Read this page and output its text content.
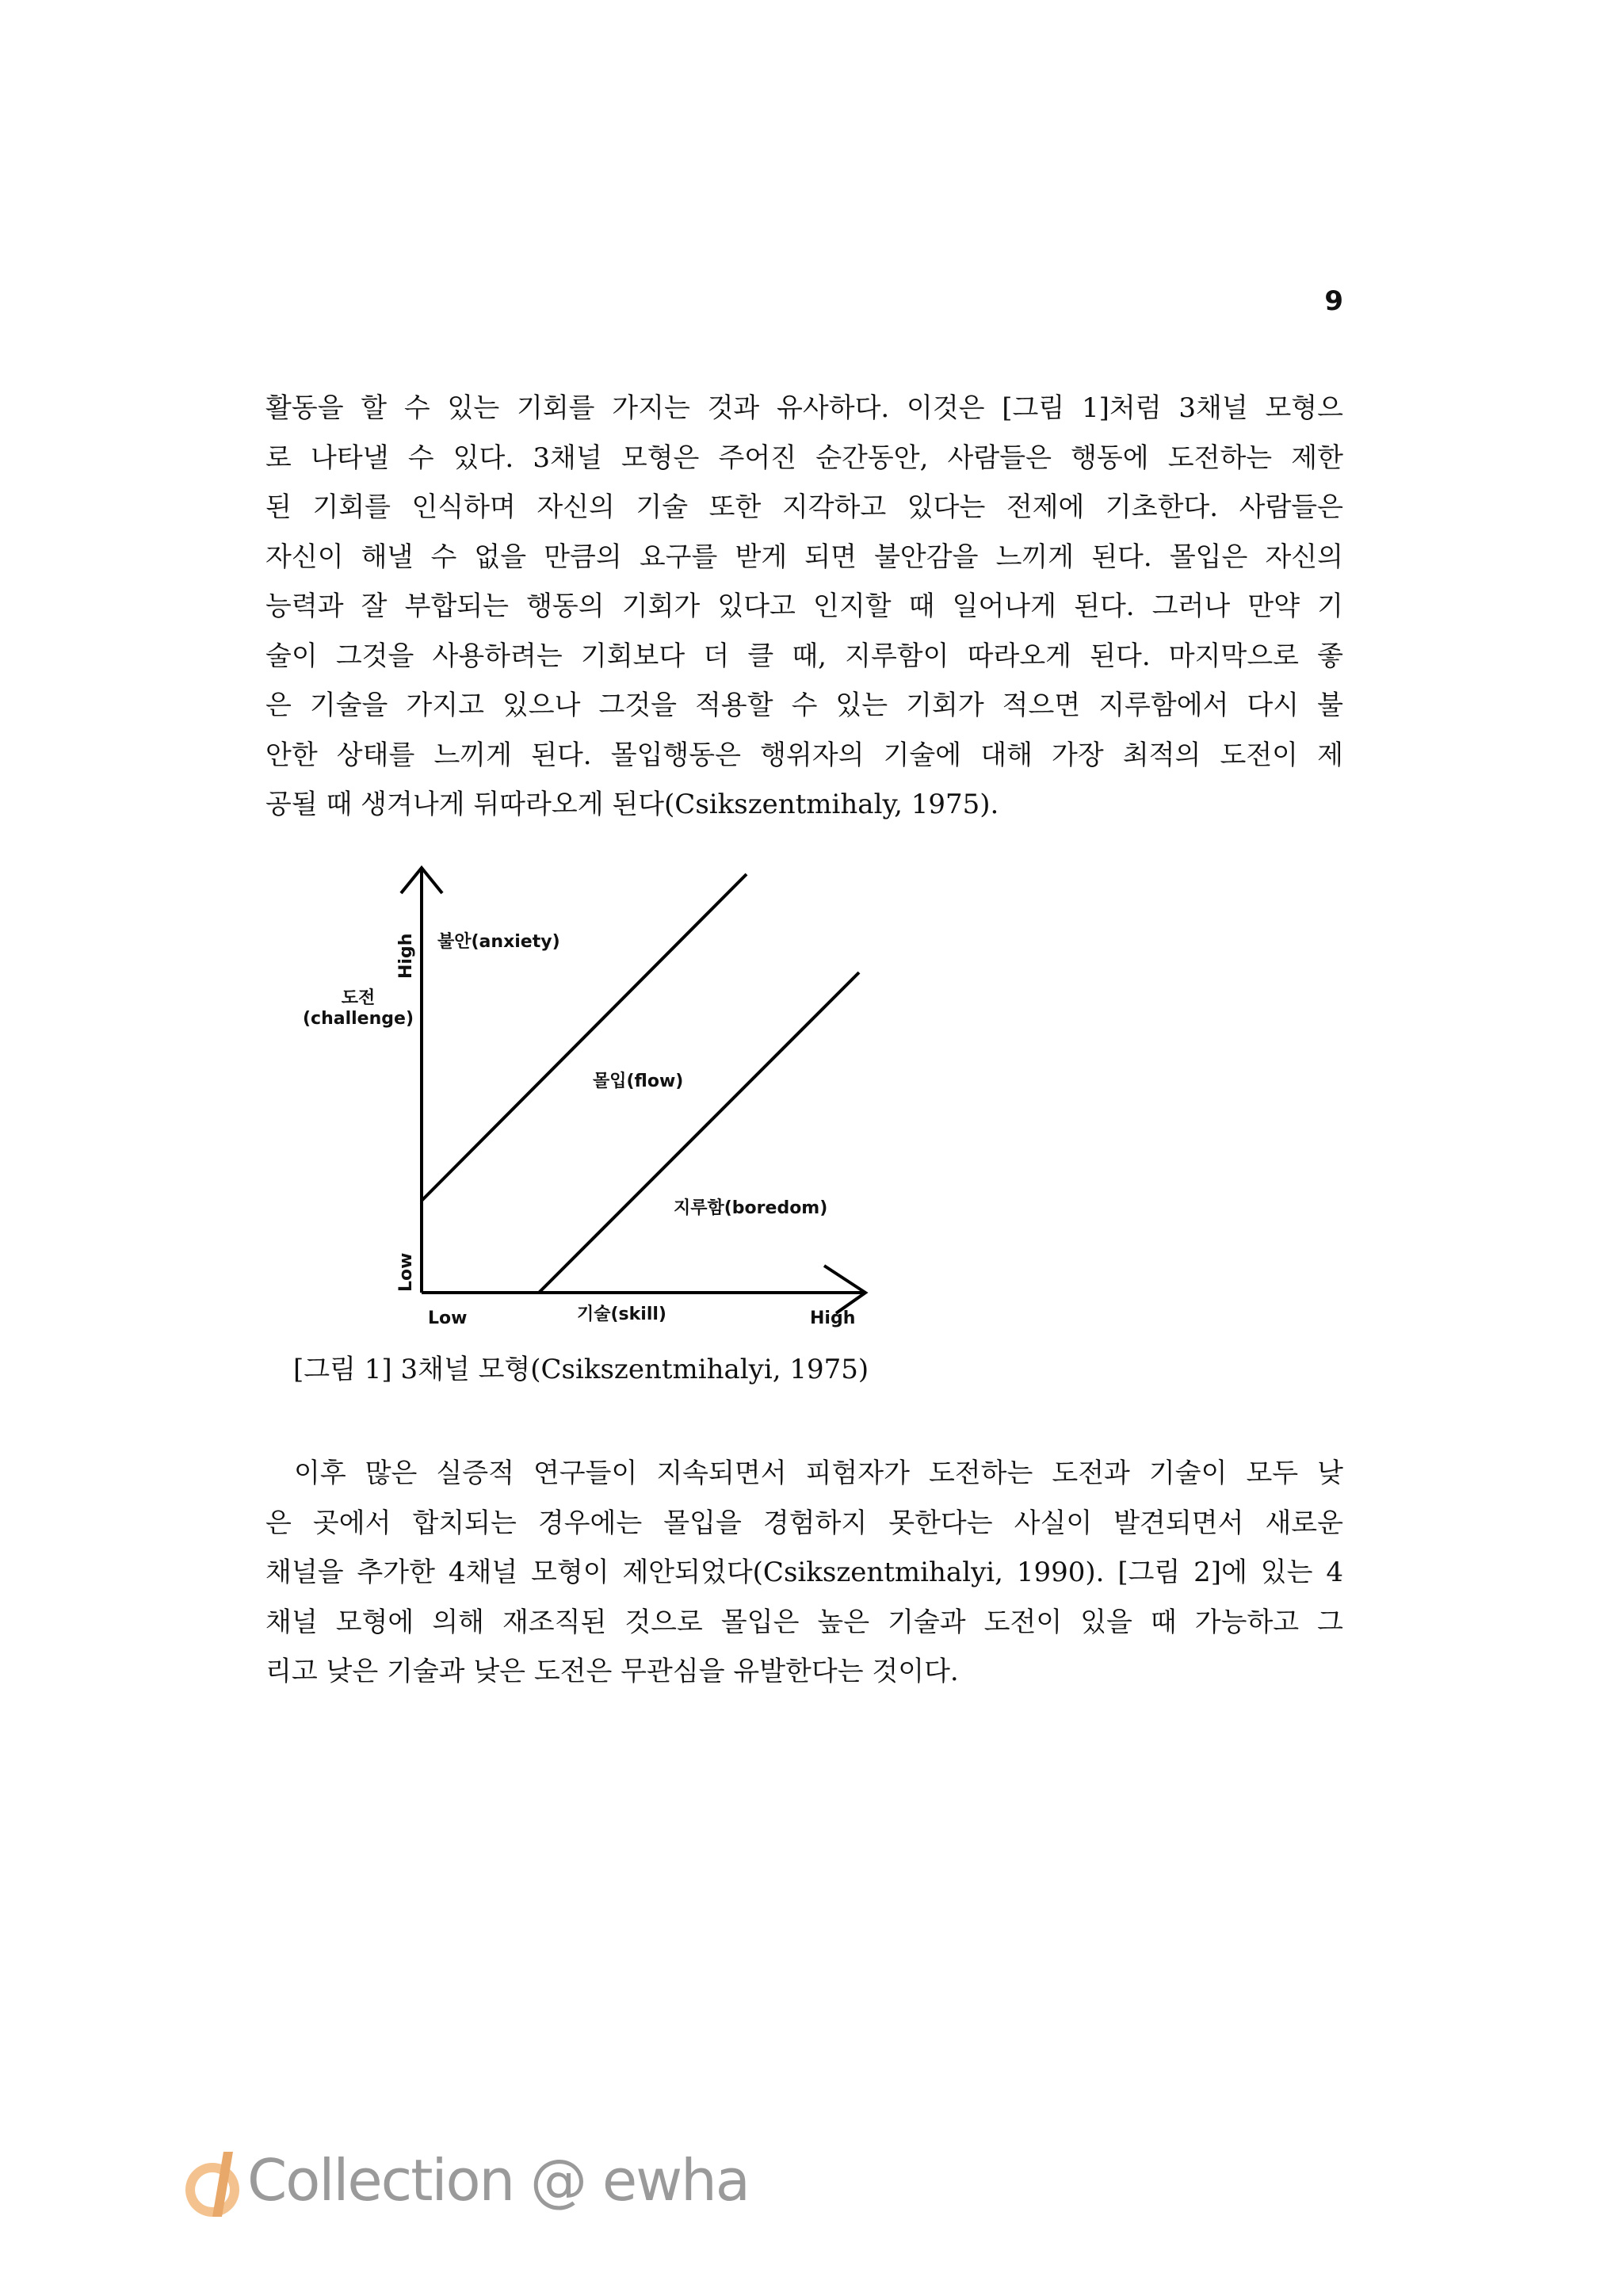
9
활동을 할 수 있는 기회를 가지는 것과 유사하다. 이것은 [그림 1]처럼 3채널 모형으
로 나타낼 수 있다. 3채널 모형은 주어진 순간동안, 사람들은 행동에 도전하는 제한
된 기회를 인식하며 자신의 기술 또한 지각하고 있다는 전제에 기초한다. 사람들은
자신이 해낼 수 없을 만큼의 요구를 받게 되면 불안감을 느끼게 된다. 몰입은 자신의
능력과 잘 부합되는 행동의 기회가 있다고 인지할 때 일어나게 된다. 그러나 만약 기
술이 그것을 사용하려는 기회보다 더 클 때, 지루함이 따라오게 된다. 마지막으로 좋
은 기술을 가지고 있으나 그것을 적용할 수 있는 기회가 적으면 지루함에서 다시 불
안한 상태를 느끼게 된다. 몰입행동은 행위자의 기술에 대해 가장 최적의 도전이 제
공될 때 생겨나게 뒤따라오게 된다(Csikszentmihaly, 1975).
High
Low
도전
(challenge)
불안(anxiety)
몰입(flow)
지루함(boredom)
Low	기술(skill)	High
[그림 1] 3채널 모형(Csikszentmihalyi, 1975)
이후 많은 실증적 연구들이 지속되면서 피험자가 도전하는 도전과 기술이 모두 낮
은 곳에서 합치되는 경우에는 몰입을 경험하지 못한다는 사실이 발견되면서 새로운
채널을 추가한 4채널 모형이 제안되었다(Csikszentmihalyi, 1990). [그림 2]에 있는 4
채널 모형에 의해 재조직된 것으로 몰입은 높은 기술과 도전이 있을 때 가능하고 그
리고 낮은 기술과 낮은 도전은 무관심을 유발한다는 것이다.
Collection @ ewha
